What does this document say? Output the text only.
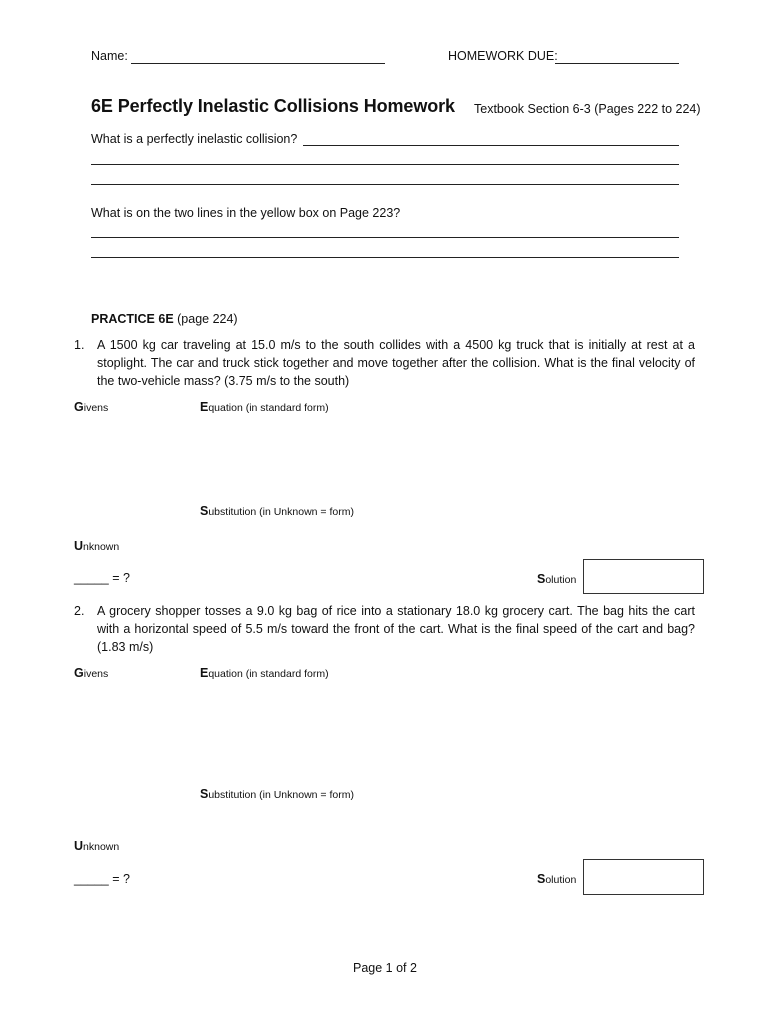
Name:	HOMEWORK DUE:
6E Perfectly Inelastic Collisions Homework Textbook Section 6-3 (Pages 222 to 224)
What is a perfectly inelastic collision?
What is on the two lines in the yellow box on Page 223?
PRACTICE 6E (page 224)
1. A 1500 kg car traveling at 15.0 m/s to the south collides with a 4500 kg truck that is initially at rest at a stoplight. The car and truck stick together and move together after the collision. What is the final velocity of the two-vehicle mass? (3.75 m/s to the south)
Givens	Equation (in standard form)
Substitution (in Unknown = form)
Unknown
_____ = ?	Solution
2. A grocery shopper tosses a 9.0 kg bag of rice into a stationary 18.0 kg grocery cart. The bag hits the cart with a horizontal speed of 5.5 m/s toward the front of the cart. What is the final speed of the cart and bag? (1.83 m/s)
Givens	Equation (in standard form)
Substitution (in Unknown = form)
Unknown
_____ = ?	Solution
Page 1 of 2
